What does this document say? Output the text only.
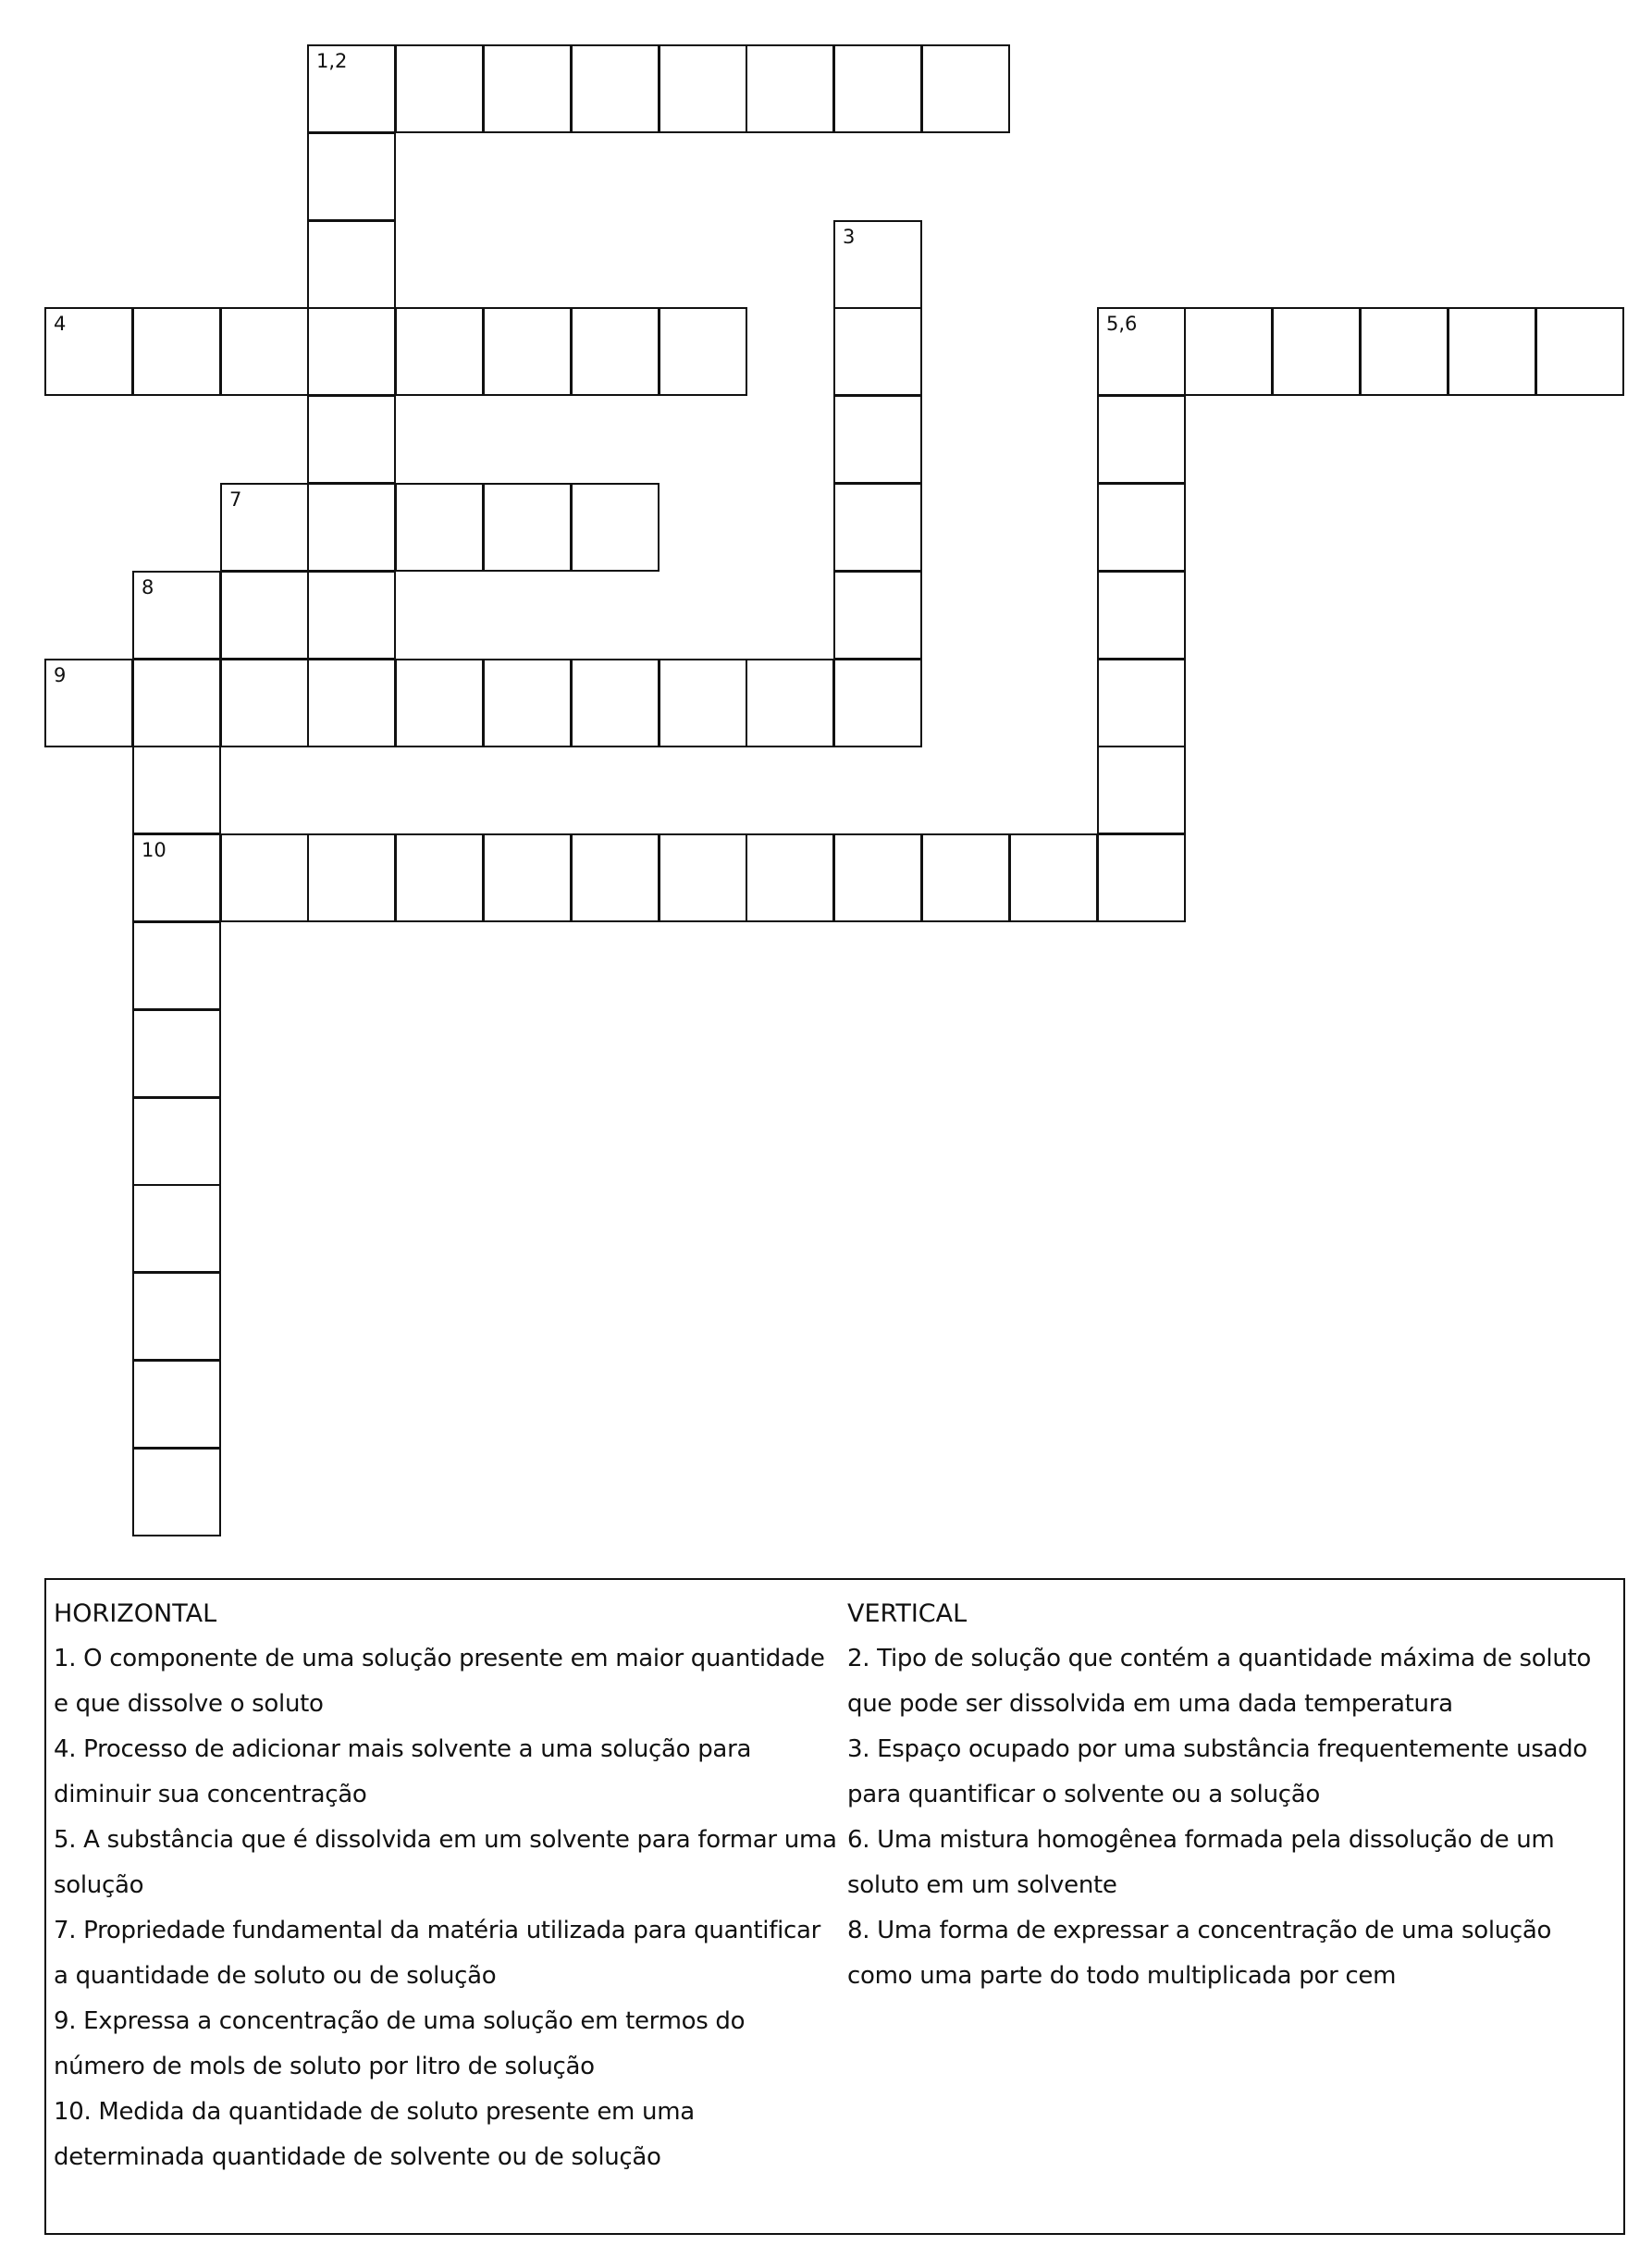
1,2
3
4	5,6
7
8
9
10
HORIZONTAL
1. O componente de uma solução presente em maior quantidade e que dissolve o soluto
4. Processo de adicionar mais solvente a uma solução para diminuir sua concentração
5. A substância que é dissolvida em um solvente para formar uma solução
7. Propriedade fundamental da matéria utilizada para quantificar a quantidade de soluto ou de solução
9. Expressa a concentração de uma solução em termos do número de mols de soluto por litro de solução
10. Medida da quantidade de soluto presente em uma determinada quantidade de solvente ou de solução
VERTICAL
2. Tipo de solução que contém a quantidade máxima de soluto que pode ser dissolvida em uma dada temperatura
3. Espaço ocupado por uma substância frequentemente usado para quantificar o solvente ou a solução
6. Uma mistura homogênea formada pela dissolução de um soluto em um solvente
8. Uma forma de expressar a concentração de uma solução como uma parte do todo multiplicada por cem
